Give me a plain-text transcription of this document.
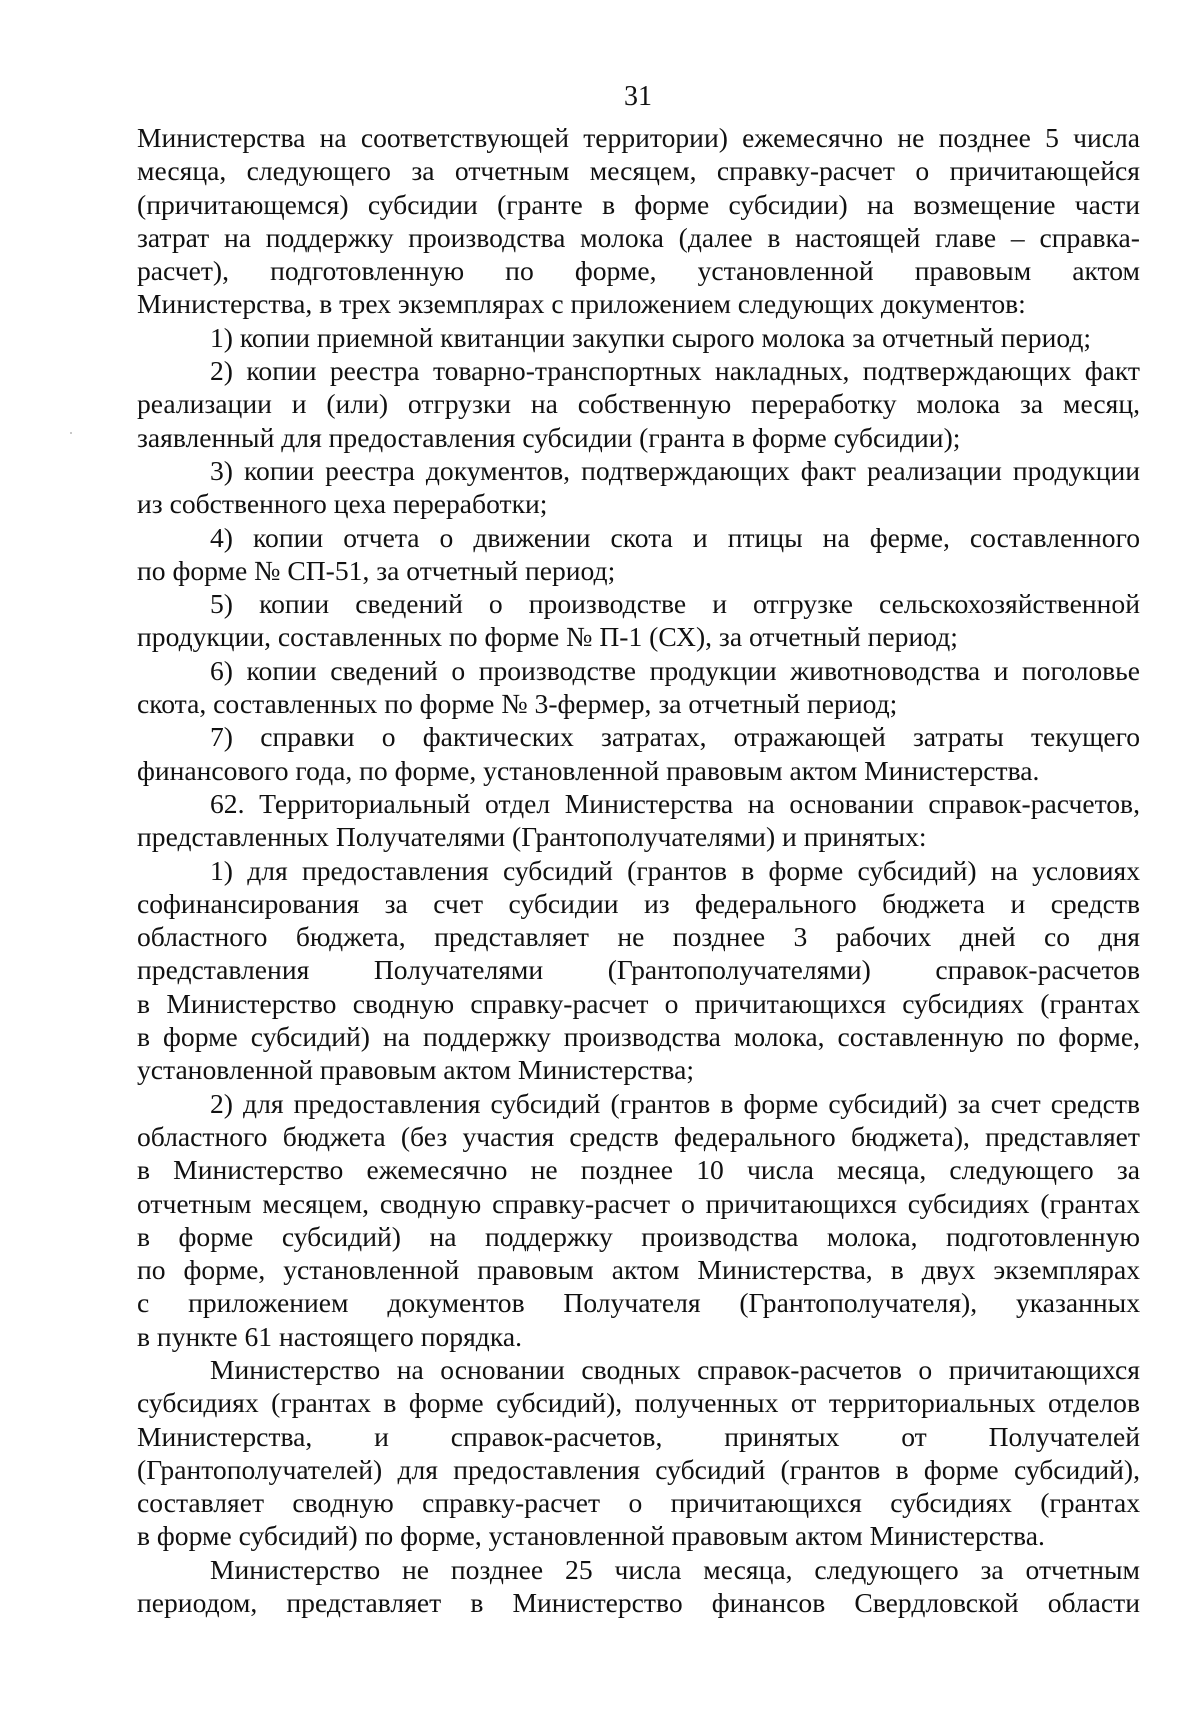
31
Министерства на соответствующей территории) ежемесячно не позднее 5 числа
месяца, следующего за отчетным месяцем, справку-расчет о причитающейся
(причитающемся) субсидии (гранте в форме субсидии) на возмещение части
затрат на поддержку производства молока (далее в настоящей главе – справка-
расчет), подготовленную по форме, установленной правовым актом
Министерства, в трех экземплярах с приложением следующих документов:
1) копии приемной квитанции закупки сырого молока за отчетный период;
2) копии реестра товарно-транспортных накладных, подтверждающих факт
реализации и (или) отгрузки на собственную переработку молока за месяц,
заявленный для предоставления субсидии (гранта в форме субсидии);
3) копии реестра документов, подтверждающих факт реализации продукции
из собственного цеха переработки;
4) копии отчета о движении скота и птицы на ферме, составленного
по форме № СП-51, за отчетный период;
5) копии сведений о производстве и отгрузке сельскохозяйственной
продукции, составленных по форме № П-1 (СХ), за отчетный период;
6) копии сведений о производстве продукции животноводства и поголовье
скота, составленных по форме № 3-фермер, за отчетный период;
7) справки о фактических затратах, отражающей затраты текущего
финансового года, по форме, установленной правовым актом Министерства.
62. Территориальный отдел Министерства на основании справок-расчетов,
представленных Получателями (Грантополучателями) и принятых:
1) для предоставления субсидий (грантов в форме субсидий) на условиях
софинансирования за счет субсидии из федерального бюджета и средств
областного бюджета, представляет не позднее 3 рабочих дней со дня
представления Получателями (Грантополучателями) справок-расчетов
в Министерство сводную справку-расчет о причитающихся субсидиях (грантах
в форме субсидий) на поддержку производства молока, составленную по форме,
установленной правовым актом Министерства;
2) для предоставления субсидий (грантов в форме субсидий) за счет средств
областного бюджета (без участия средств федерального бюджета), представляет
в Министерство ежемесячно не позднее 10 числа месяца, следующего за
отчетным месяцем, сводную справку-расчет о причитающихся субсидиях (грантах
в форме субсидий) на поддержку производства молока, подготовленную
по форме, установленной правовым актом Министерства, в двух экземплярах
с приложением документов Получателя (Грантополучателя), указанных
в пункте 61 настоящего порядка.
Министерство на основании сводных справок-расчетов о причитающихся
субсидиях (грантах в форме субсидий), полученных от территориальных отделов
Министерства, и справок-расчетов, принятых от Получателей
(Грантополучателей) для предоставления субсидий (грантов в форме субсидий),
составляет сводную справку-расчет о причитающихся субсидиях (грантах
в форме субсидий) по форме, установленной правовым актом Министерства.
Министерство не позднее 25 числа месяца, следующего за отчетным
периодом, представляет в Министерство финансов Свердловской области
